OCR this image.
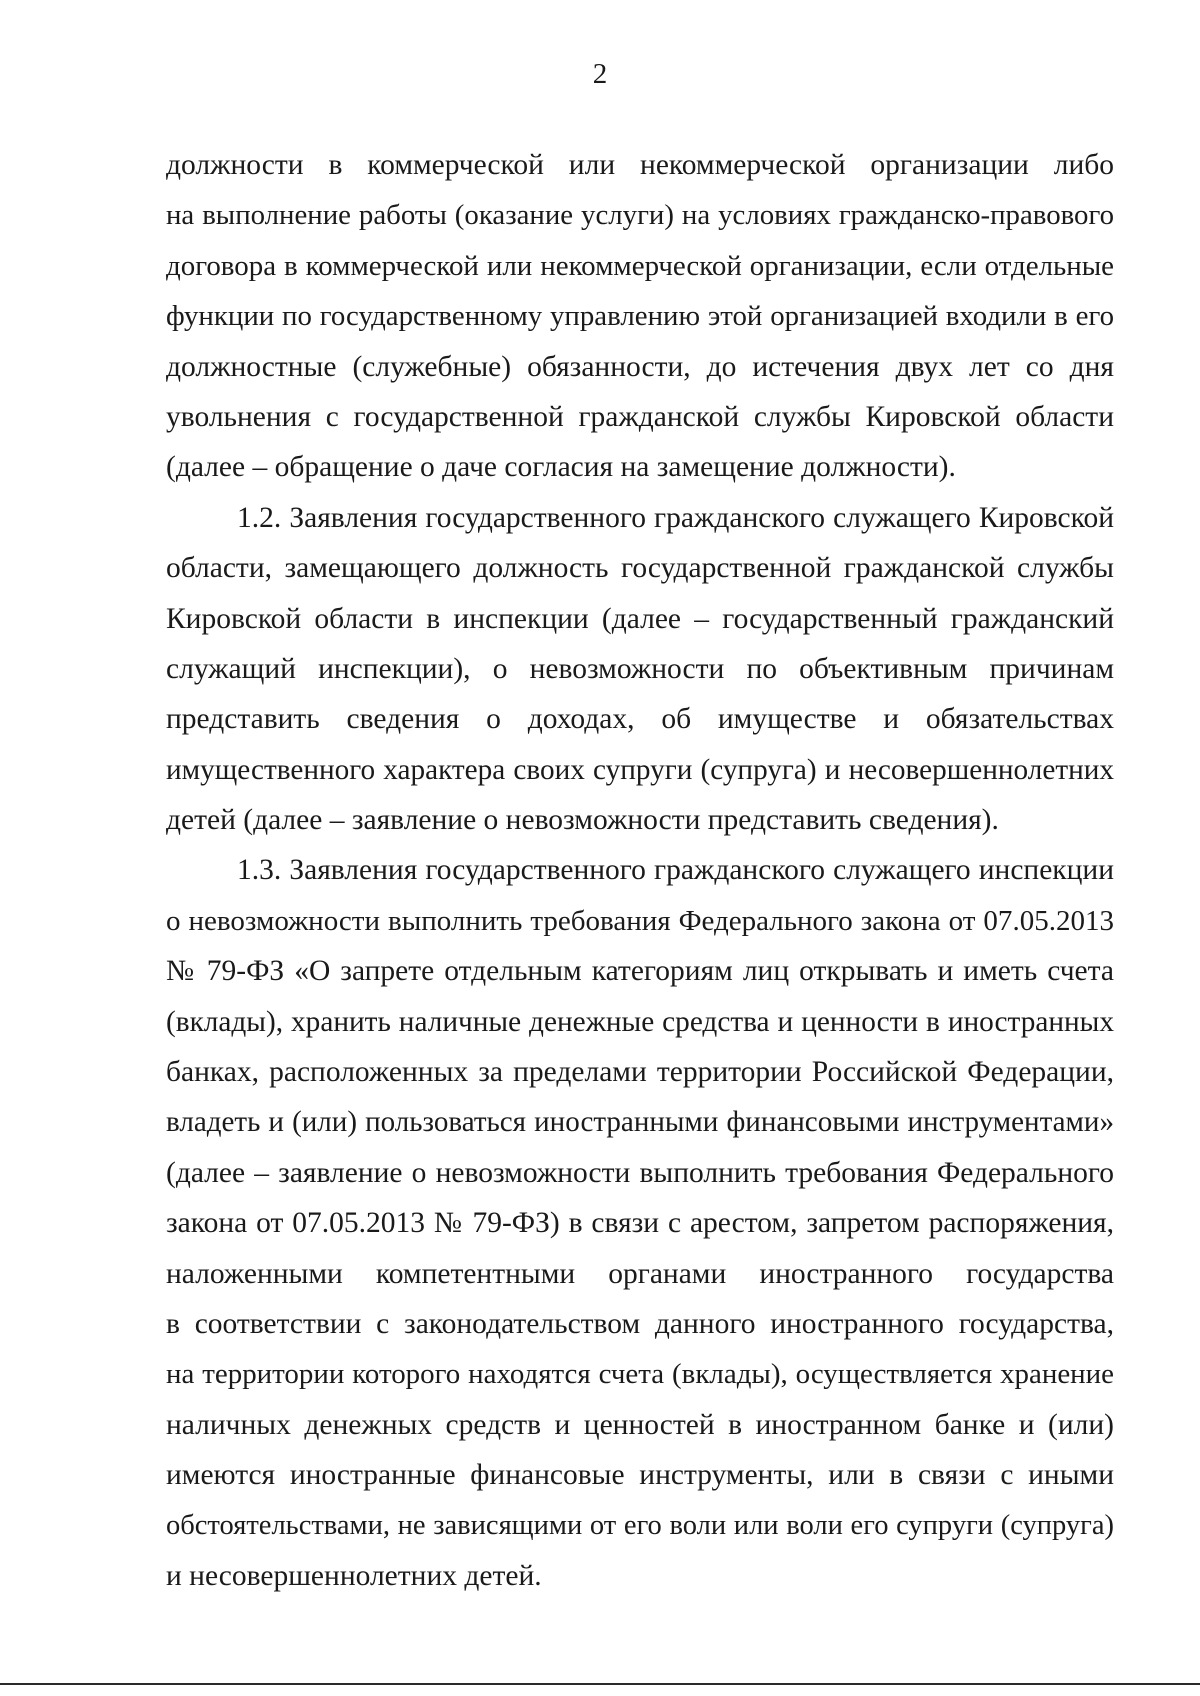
2
должности в коммерческой или некоммерческой организации либо
на выполнение работы (оказание услуги) на условиях гражданско-правового
договора в коммерческой или некоммерческой организации, если отдельные
функции по государственному управлению этой организацией входили в его
должностные (служебные) обязанности, до истечения двух лет со дня
увольнения с государственной гражданской службы Кировской области
(далее – обращение о даче согласия на замещение должности).
1.2. Заявления государственного гражданского служащего Кировской
области, замещающего должность государственной гражданской службы
Кировской области в инспекции (далее – государственный гражданский
служащий инспекции), о невозможности по объективным причинам
представить сведения о доходах, об имуществе и обязательствах
имущественного характера своих супруги (супруга) и несовершеннолетних
детей (далее – заявление о невозможности представить сведения).
1.3. Заявления государственного гражданского служащего инспекции
о невозможности выполнить требования Федерального закона от 07.05.2013
№ 79-ФЗ «О запрете отдельным категориям лиц открывать и иметь счета
(вклады), хранить наличные денежные средства и ценности в иностранных
банках, расположенных за пределами территории Российской Федерации,
владеть и (или) пользоваться иностранными финансовыми инструментами»
(далее – заявление о невозможности выполнить требования Федерального
закона от 07.05.2013 № 79-ФЗ) в связи с арестом, запретом распоряжения,
наложенными компетентными органами иностранного государства
в соответствии с законодательством данного иностранного государства,
на территории которого находятся счета (вклады), осуществляется хранение
наличных денежных средств и ценностей в иностранном банке и (или)
имеются иностранные финансовые инструменты, или в связи с иными
обстоятельствами, не зависящими от его воли или воли его супруги (супруга)
и несовершеннолетних детей.
